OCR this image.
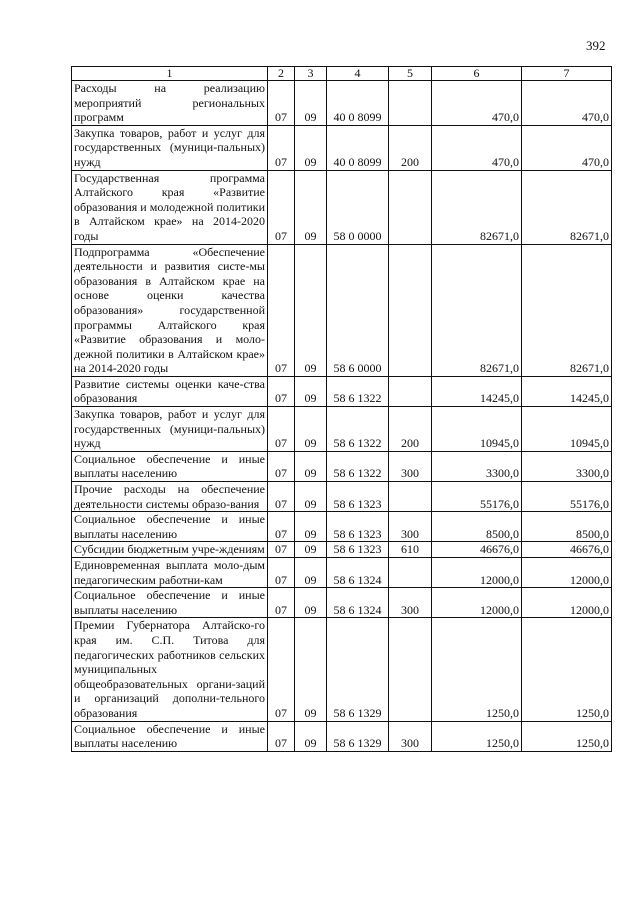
392
1	2	3	4	5	6	7
Расходы на реализацию мероприятий региональных программ	07	09	40 0 8099		470,0	470,0
Закупка товаров, работ и услуг для государственных (муници-пальных) нужд	07	09	40 0 8099	200	470,0	470,0
Государственная программа Алтайского края «Развитие образования и молодежной политики в Алтайском крае» на 2014-2020 годы	07	09	58 0 0000		82671,0	82671,0
Подпрограмма «Обеспечение деятельности и развития систе-мы образования в Алтайском крае на основе оценки качества образования» государственной программы Алтайского края «Развитие образования и моло-дежной политики в Алтайском крае» на 2014-2020 годы	07	09	58 6 0000		82671,0	82671,0
Развитие системы оценки каче-ства образования	07	09	58 6 1322		14245,0	14245,0
Закупка товаров, работ и услуг для государственных (муници-пальных) нужд	07	09	58 6 1322	200	10945,0	10945,0
Социальное обеспечение и иные выплаты населению	07	09	58 6 1322	300	3300,0	3300,0
Прочие расходы на обеспечение деятельности системы образо-вания	07	09	58 6 1323		55176,0	55176,0
Социальное обеспечение и иные выплаты населению	07	09	58 6 1323	300	8500,0	8500,0
Субсидии бюджетным учре-ждениям	07	09	58 6 1323	610	46676,0	46676,0
Единовременная выплата моло-дым педагогическим работни-кам	07	09	58 6 1324		12000,0	12000,0
Социальное обеспечение и иные выплаты населению	07	09	58 6 1324	300	12000,0	12000,0
Премии Губернатора Алтайско-го края им. С.П. Титова для педагогических работников сельских муниципальных общеобразовательных органи-заций и организаций дополни-тельного образования	07	09	58 6 1329		1250,0	1250,0
Социальное обеспечение и иные выплаты населению	07	09	58 6 1329	300	1250,0	1250,0
